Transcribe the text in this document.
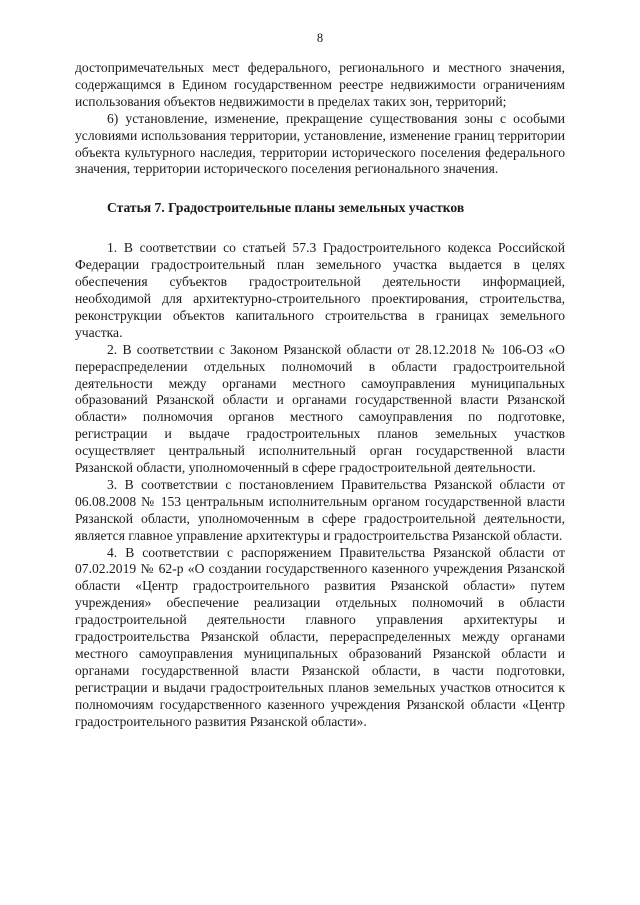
8

достопримечательных мест федерального, регионального и местного значения, содержащимся в Едином государственном реестре недвижимости ограничениям использования объектов недвижимости в пределах таких зон, территорий;

6) установление, изменение, прекращение существования зоны с особыми условиями использования территории, установление, изменение границ территории объекта культурного наследия, территории исторического поселения федерального значения, территории исторического поселения регионального значения.

Статья 7. Градостроительные планы земельных участков

1. В соответствии со статьей 57.3 Градостроительного кодекса Российской Федерации градостроительный план земельного участка выдается в целях обеспечения субъектов градостроительной деятельности информацией, необходимой для архитектурно-строительного проектирования, строительства, реконструкции объектов капитального строительства в границах земельного участка.

2. В соответствии с Законом Рязанской области от 28.12.2018 № 106-ОЗ «О перераспределении отдельных полномочий в области градостроительной деятельности между органами местного самоуправления муниципальных образований Рязанской области и органами государственной власти Рязанской области» полномочия органов местного самоуправления по подготовке, регистрации и выдаче градостроительных планов земельных участков осуществляет центральный исполнительный орган государственной власти Рязанской области, уполномоченный в сфере градостроительной деятельности.

3. В соответствии с постановлением Правительства Рязанской области от 06.08.2008 № 153 центральным исполнительным органом государственной власти Рязанской области, уполномоченным в сфере градостроительной деятельности, является главное управление архитектуры и градостроительства Рязанской области.

4. В соответствии с распоряжением Правительства Рязанской области от 07.02.2019 № 62-р «О создании государственного казенного учреждения Рязанской области «Центр градостроительного развития Рязанской области» путем учреждения» обеспечение реализации отдельных полномочий в области градостроительной деятельности главного управления архитектуры и градостроительства Рязанской области, перераспределенных между органами местного самоуправления муниципальных образований Рязанской области и органами государственной власти Рязанской области, в части подготовки, регистрации и выдачи градостроительных планов земельных участков относится к полномочиям государственного казенного учреждения Рязанской области «Центр градостроительного развития Рязанской области».
